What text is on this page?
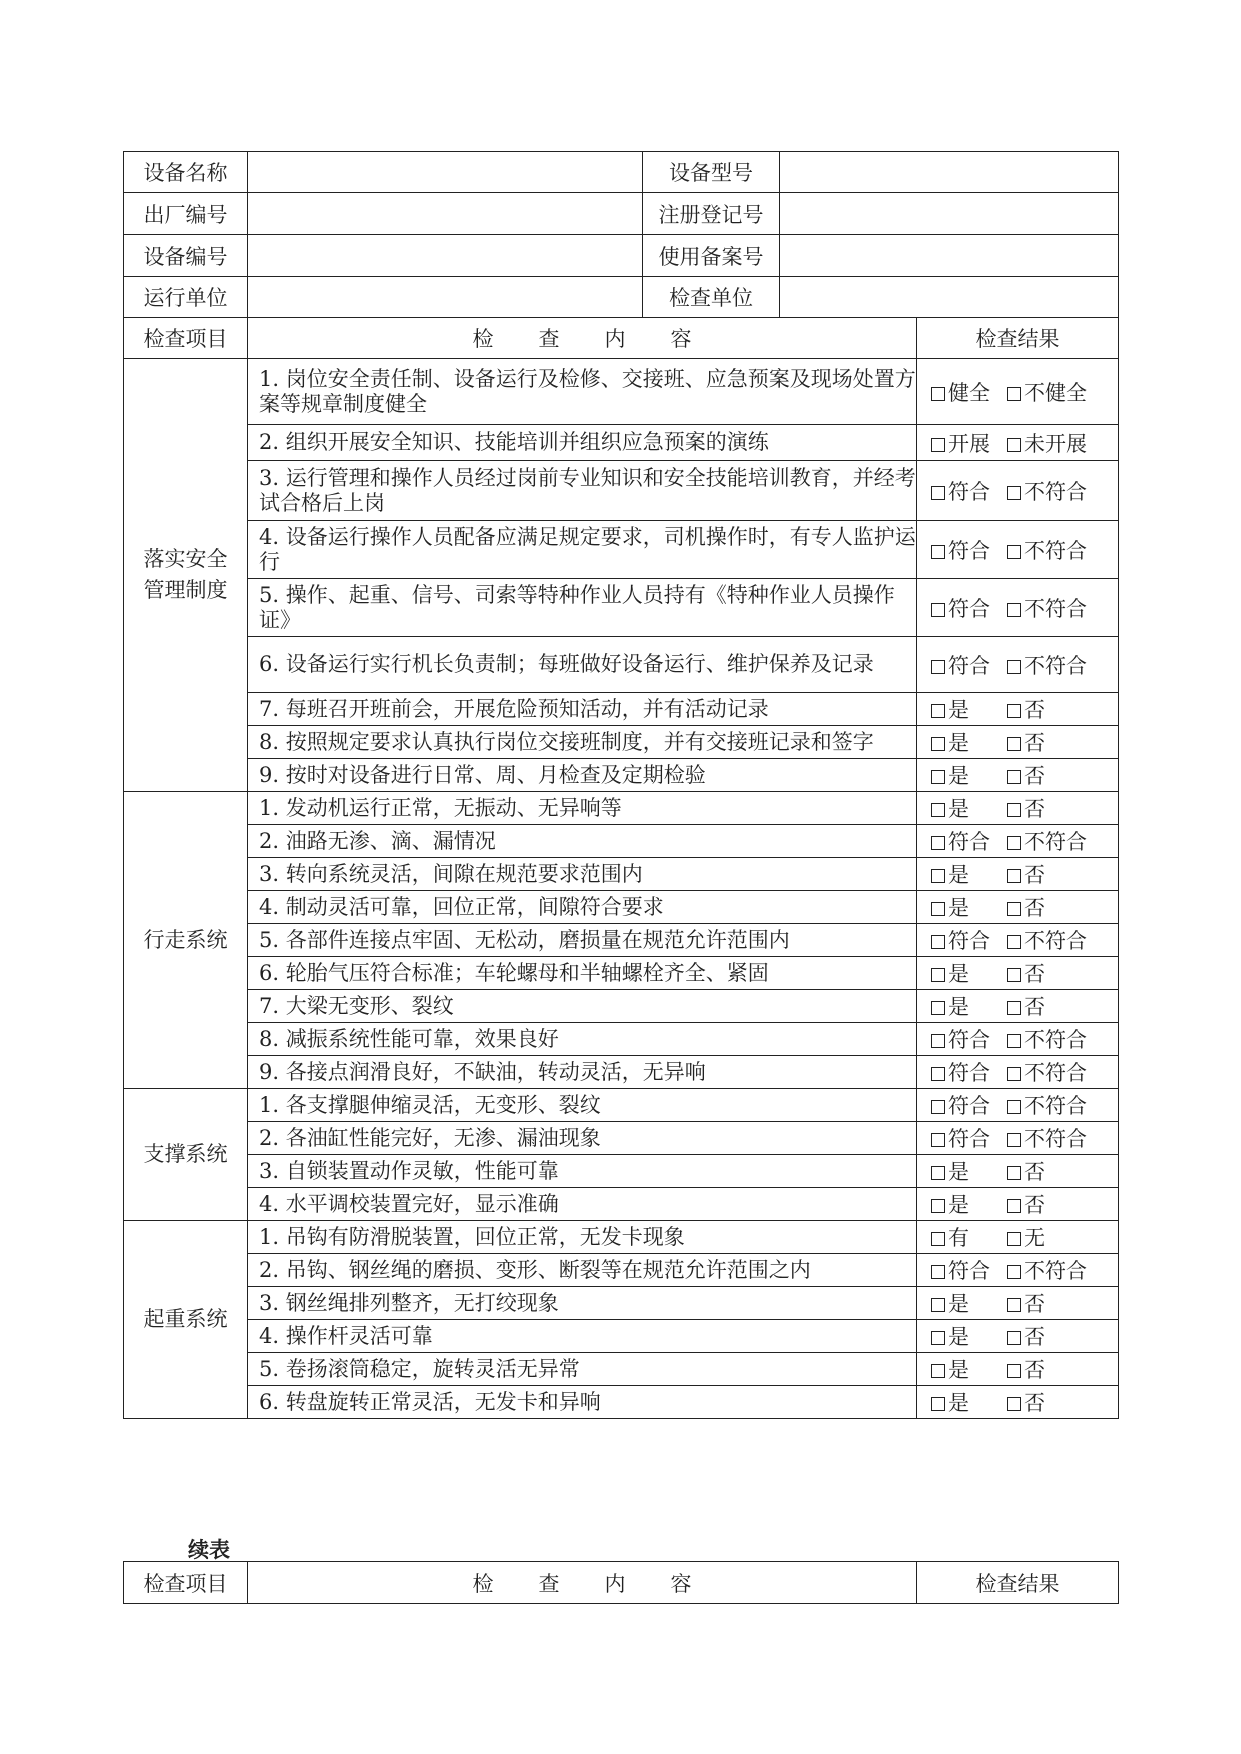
设备名称		设备型号		
出厂编号		注册登记号		
设备编号		使用备案号		
运行单位		检查单位		
检查项目	检 查 内 容			检查结果

落实安全
管理制度	1. 岗位安全责任制、设备运行及检修、交接班、应急预案及现场处置方案等规章制度健全			健全 不健全
	2. 组织开展安全知识、技能培训并组织应急预案的演练			开展 未开展
	3. 运行管理和操作人员经过岗前专业知识和安全技能培训教育，并经考试合格后上岗			符合 不符合
	4. 设备运行操作人员配备应满足规定要求，司机操作时，有专人监护运行			符合 不符合
	5. 操作、起重、信号、司索等特种作业人员持有《特种作业人员操作证》			符合 不符合
	6. 设备运行实行机长负责制；每班做好设备运行、维护保养及记录			符合 不符合
	7. 每班召开班前会，开展危险预知活动，并有活动记录			是 否
	8. 按照规定要求认真执行岗位交接班制度，并有交接班记录和签字			是 否
	9. 按时对设备进行日常、周、月检查及定期检验			是 否

行走系统	1. 发动机运行正常，无振动、无异响等			是 否
	2. 油路无渗、滴、漏情况			符合 不符合
	3. 转向系统灵活，间隙在规范要求范围内			是 否
	4. 制动灵活可靠，回位正常，间隙符合要求			是 否
	5. 各部件连接点牢固、无松动，磨损量在规范允许范围内			符合 不符合
	6. 轮胎气压符合标准；车轮螺母和半轴螺栓齐全、紧固			是 否
	7. 大梁无变形、裂纹			是 否
	8. 减振系统性能可靠，效果良好			符合 不符合
	9. 各接点润滑良好，不缺油，转动灵活，无异响			符合 不符合

支撑系统	1. 各支撑腿伸缩灵活，无变形、裂纹			符合 不符合
	2. 各油缸性能完好，无渗、漏油现象			符合 不符合
	3. 自锁装置动作灵敏，性能可靠			是 否
	4. 水平调校装置完好，显示准确			是 否

起重系统	1. 吊钩有防滑脱装置，回位正常，无发卡现象			有 无
	2. 吊钩、钢丝绳的磨损、变形、断裂等在规范允许范围之内			符合 不符合
	3. 钢丝绳排列整齐，无打绞现象			是 否
	4. 操作杆灵活可靠			是 否
	5. 卷扬滚筒稳定，旋转灵活无异常			是 否
	6. 转盘旋转正常灵活，无发卡和异响			是 否
续表
检查项目	检 查 内 容	检查结果
